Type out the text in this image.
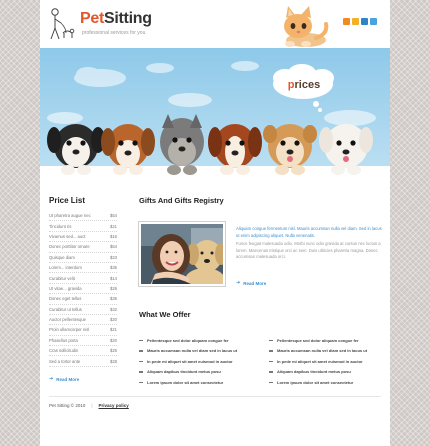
PetSitting
professional services for you
prices
Price List
Ut pharetra augue nec	$54
Tincidunt ris	$21
Vivamus sed... auct	$16
Donec porttitor ornare	$54
Quisque diam	$23
Lorem... interdum	$35
Curabitur velit	$14
Ut vitae... gravida	$26
Donec eget tellus	$35
Curabitur ut tellus	$32
Auctor pellentesque	$20
Proin ullamcorper nisl	$21
Phasellus porta	$20
Cras sollicitudin	$25
Sed a tortor ante	$28
➜ Read More
Gifts And Gifts Registry
Aliquam congue fermentum nisl. Mauris accumsan nulla vel diam. Sed in lacus ut enim adipiscing aliquet. Nulla venenatis.
Fusce feugiat malesuada odio. Morbi nunc odio gravida at cursus nec luctus a lorem. Maecenas tristique orci ac sem. Duis ultricies pharetra magna. Donec accumsan malesuada orci.
➜ Read More
What We Offer
Pellentesque sed dolor aliquam congue fer
Mauris accumsan nulla vel diam sed in lacus ut
In pede mi aliquet sit amet euismod in auctor
Aliquam dapibus tincidunt metus posu
Lorem ipsum dolor sit amet consectetur
Pellentesque sed dolor aliquam congue fer
Mauris accumsan nulla vel diam sed in lacus ut
In pede mi aliquet sit amet euismod in auctor
Aliquam dapibus tincidunt metus posu
Lorem ipsum dolor sit amet consectetur
Pet Sitting © 2010 | Privacy policy
